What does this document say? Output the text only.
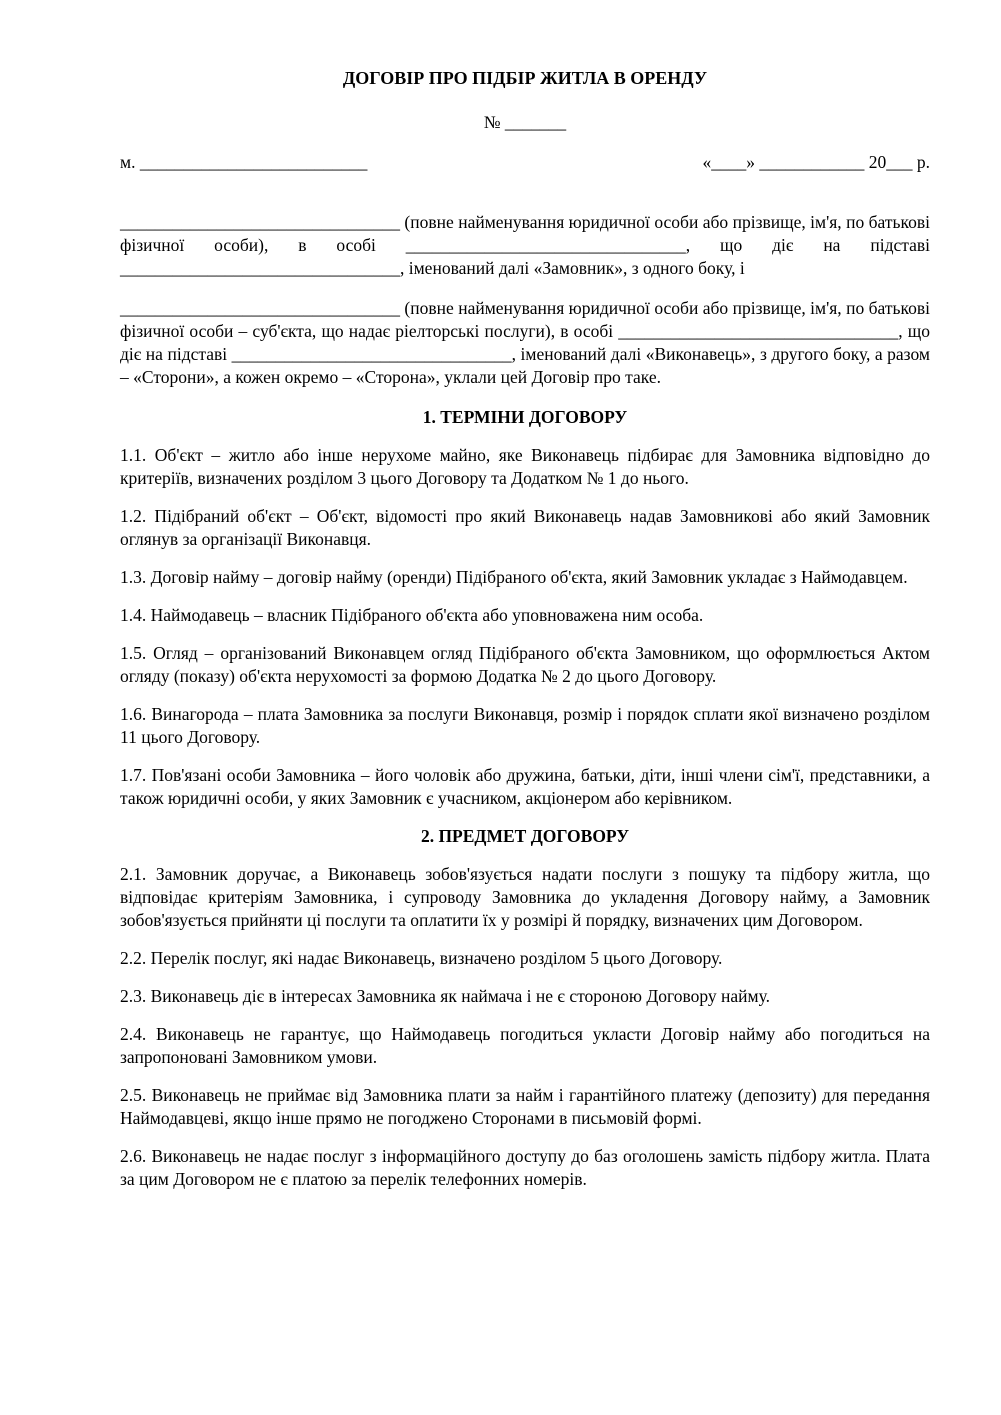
ДОГОВІР ПРО ПІДБІР ЖИТЛА В ОРЕНДУ
№ _______
м. __________________________	«____» ____________ 20___ р.

________________________________ (повне найменування юридичної особи або прізвище, ім'я, по батькові фізичної особи), в особі ________________________________, що діє на підставі ________________________________, іменований далі «Замовник», з одного боку, і

________________________________ (повне найменування юридичної особи або прізвище, ім'я, по батькові фізичної особи – суб'єкта, що надає ріелторські послуги), в особі ________________________________, що діє на підставі ________________________________, іменований далі «Виконавець», з другого боку, а разом – «Сторони», а кожен окремо – «Сторона», уклали цей Договір про таке.

1. ТЕРМІНИ ДОГОВОРУ

1.1. Об'єкт – житло або інше нерухоме майно, яке Виконавець підбирає для Замовника відповідно до критеріїв, визначених розділом 3 цього Договору та Додатком № 1 до нього.

1.2. Підібраний об'єкт – Об'єкт, відомості про який Виконавець надав Замовникові або який Замовник оглянув за організації Виконавця.

1.3. Договір найму – договір найму (оренди) Підібраного об'єкта, який Замовник укладає з Наймодавцем.

1.4. Наймодавець – власник Підібраного об'єкта або уповноважена ним особа.

1.5. Огляд – організований Виконавцем огляд Підібраного об'єкта Замовником, що оформлюється Актом огляду (показу) об'єкта нерухомості за формою Додатка № 2 до цього Договору.

1.6. Винагорода – плата Замовника за послуги Виконавця, розмір і порядок сплати якої визначено розділом 11 цього Договору.

1.7. Пов'язані особи Замовника – його чоловік або дружина, батьки, діти, інші члени сім'ї, представники, а також юридичні особи, у яких Замовник є учасником, акціонером або керівником.

2. ПРЕДМЕТ ДОГОВОРУ

2.1. Замовник доручає, а Виконавець зобов'язується надати послуги з пошуку та підбору житла, що відповідає критеріям Замовника, і супроводу Замовника до укладення Договору найму, а Замовник зобов'язується прийняти ці послуги та оплатити їх у розмірі й порядку, визначених цим Договором.

2.2. Перелік послуг, які надає Виконавець, визначено розділом 5 цього Договору.

2.3. Виконавець діє в інтересах Замовника як наймача і не є стороною Договору найму.

2.4. Виконавець не гарантує, що Наймодавець погодиться укласти Договір найму або погодиться на запропоновані Замовником умови.

2.5. Виконавець не приймає від Замовника плати за найм і гарантійного платежу (депозиту) для передання Наймодавцеві, якщо інше прямо не погоджено Сторонами в письмовій формі.

2.6. Виконавець не надає послуг з інформаційного доступу до баз оголошень замість підбору житла. Плата за цим Договором не є платою за перелік телефонних номерів.
